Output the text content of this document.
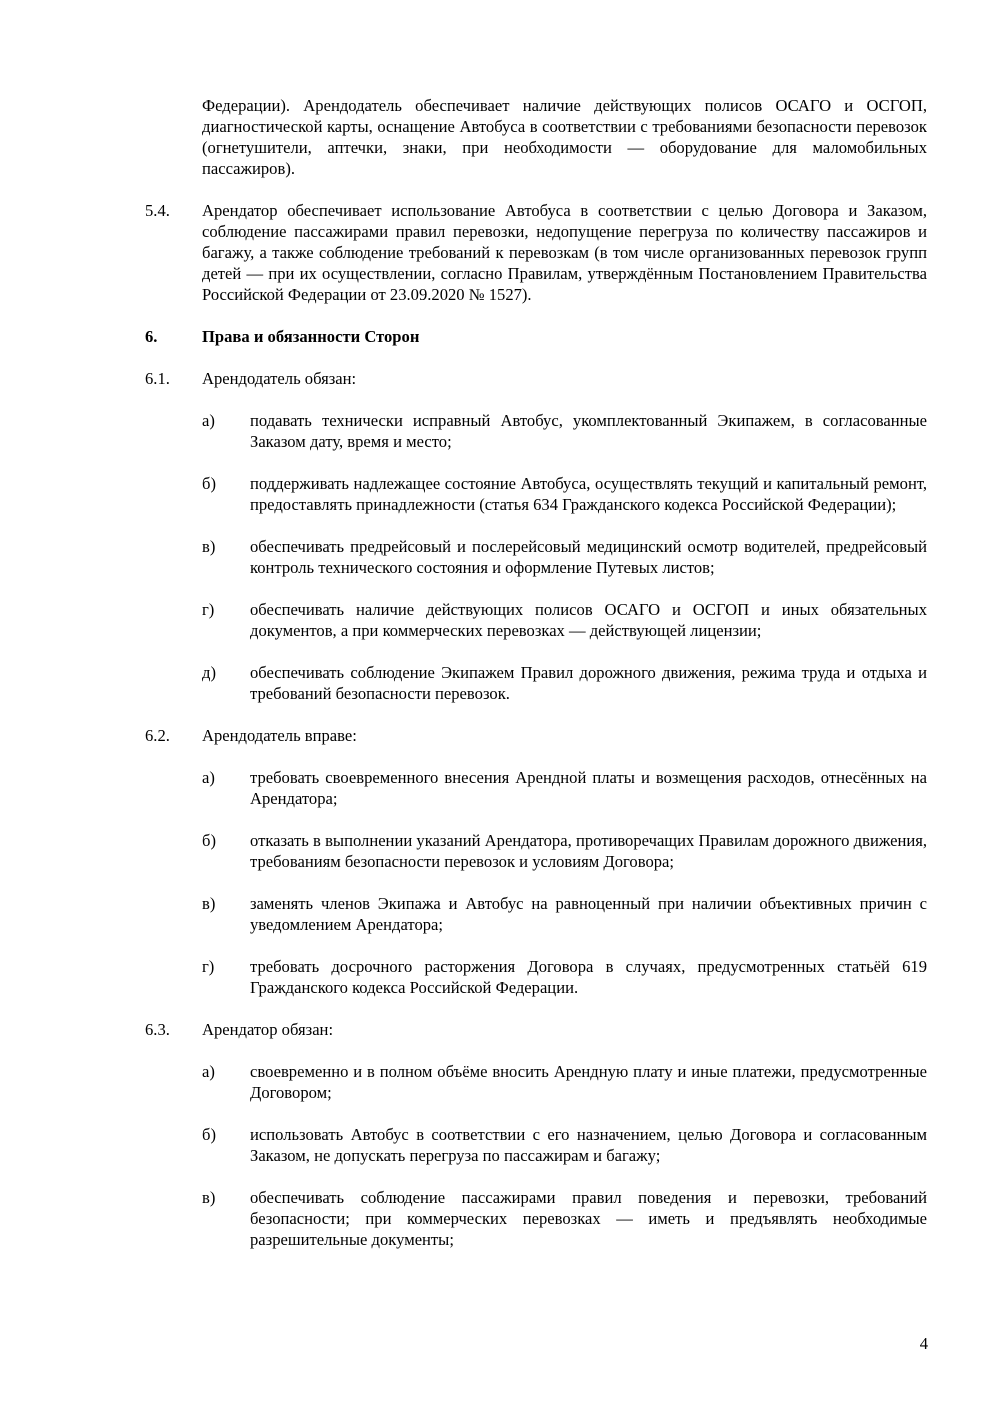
Федерации). Арендодатель обеспечивает наличие действующих полисов ОСАГО и ОСГОП, диагностической карты, оснащение Автобуса в соответствии с требованиями безопасности перевозок (огнетушители, аптечки, знаки, при необходимости — оборудование для маломобильных пассажиров).
5.4. Арендатор обеспечивает использование Автобуса в соответствии с целью Договора и Заказом, соблюдение пассажирами правил перевозки, недопущение перегруза по количеству пассажиров и багажу, а также соблюдение требований к перевозкам (в том числе организованных перевозок групп детей — при их осуществлении, согласно Правилам, утверждённым Постановлением Правительства Российской Федерации от 23.09.2020 № 1527).
6.	Права и обязанности Сторон
6.1. Арендодатель обязан:
а) подавать технически исправный Автобус, укомплектованный Экипажем, в согласованные Заказом дату, время и место;
б) поддерживать надлежащее состояние Автобуса, осуществлять текущий и капитальный ремонт, предоставлять принадлежности (статья 634 Гражданского кодекса Российской Федерации);
в) обеспечивать предрейсовый и послерейсовый медицинский осмотр водителей, предрейсовый контроль технического состояния и оформление Путевых листов;
г) обеспечивать наличие действующих полисов ОСАГО и ОСГОП и иных обязательных документов, а при коммерческих перевозках — действующей лицензии;
д) обеспечивать соблюдение Экипажем Правил дорожного движения, режима труда и отдыха и требований безопасности перевозок.
6.2. Арендодатель вправе:
а) требовать своевременного внесения Арендной платы и возмещения расходов, отнесённых на Арендатора;
б) отказать в выполнении указаний Арендатора, противоречащих Правилам дорожного движения, требованиям безопасности перевозок и условиям Договора;
в) заменять членов Экипажа и Автобус на равноценный при наличии объективных причин с уведомлением Арендатора;
г) требовать досрочного расторжения Договора в случаях, предусмотренных статьёй 619 Гражданского кодекса Российской Федерации.
6.3. Арендатор обязан:
а) своевременно и в полном объёме вносить Арендную плату и иные платежи, предусмотренные Договором;
б) использовать Автобус в соответствии с его назначением, целью Договора и согласованным Заказом, не допускать перегруза по пассажирам и багажу;
в) обеспечивать соблюдение пассажирами правил поведения и перевозки, требований безопасности; при коммерческих перевозках — иметь и предъявлять необходимые разрешительные документы;
4
